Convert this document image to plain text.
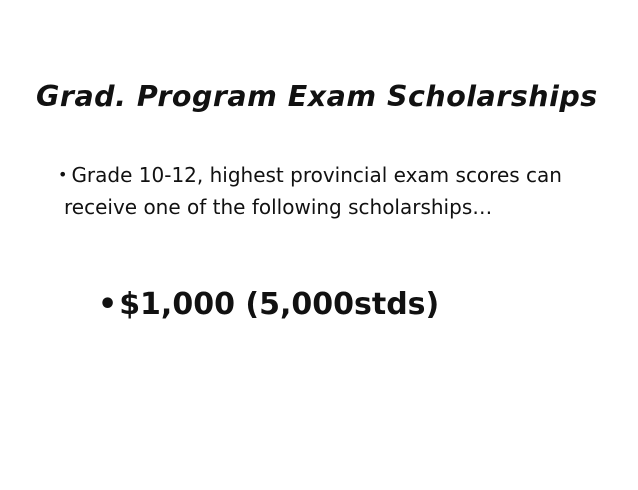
Grad. Program Exam Scholarships

• Grade 10-12, highest provincial exam scores can receive one of the following scholarships…

•$1,000 (5,000stds)
